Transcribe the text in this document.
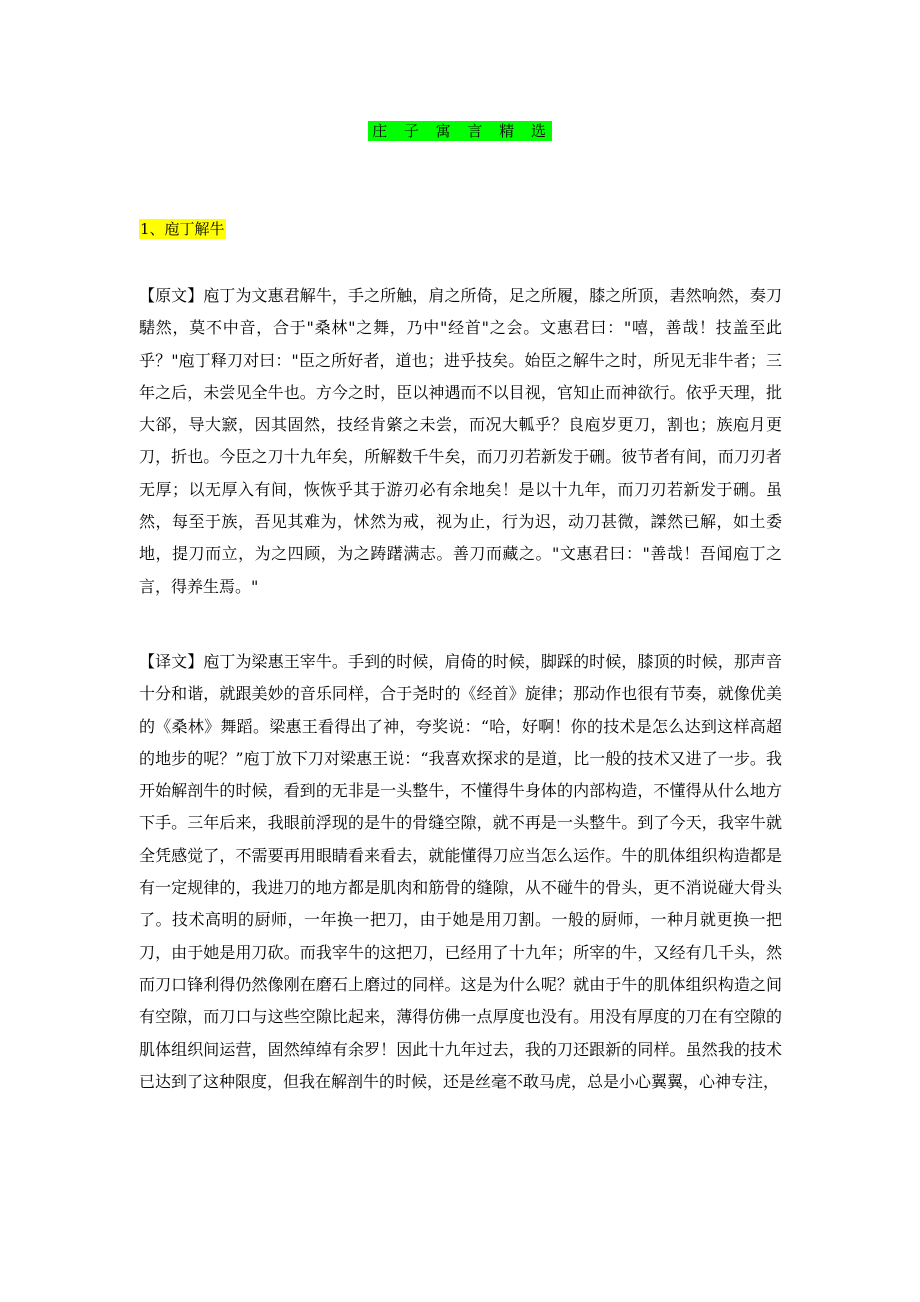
庄 子 寓 言 精 选
1、庖丁解牛

【原文】庖丁为文惠君解牛，手之所触，肩之所倚，足之所履，膝之所顶，砉然响然，奏刀騞然，莫不中音，合于"桑林"之舞，乃中"经首"之会。文惠君曰："嘻，善哉！技盖至此乎？"庖丁释刀对曰："臣之所好者，道也；进乎技矣。始臣之解牛之时，所见无非牛者；三年之后，未尝见全牛也。方今之时，臣以神遇而不以目视，官知止而神欲行。依乎天理，批大郤，导大窾，因其固然，技经肯綮之未尝，而况大軱乎？良庖岁更刀，割也；族庖月更刀，折也。今臣之刀十九年矣，所解数千牛矣，而刀刃若新发于硎。彼节者有间，而刀刃者无厚；以无厚入有间，恢恢乎其于游刃必有余地矣！是以十九年，而刀刃若新发于硎。虽然，每至于族，吾见其难为，怵然为戒，视为止，行为迟，动刀甚微，謋然已解，如土委地，提刀而立，为之四顾，为之踌躇满志。善刀而藏之。"文惠君曰："善哉！吾闻庖丁之言，得养生焉。"

【译文】庖丁为梁惠王宰牛。手到的时候，肩倚的时候，脚踩的时候，膝顶的时候，那声音十分和谐，就跟美妙的音乐同样，合于尧时的《经首》旋律；那动作也很有节奏，就像优美的《桑林》舞蹈。梁惠王看得出了神，夸奖说：“哈，好啊！你的技术是怎么达到这样高超的地步的呢？”庖丁放下刀对梁惠王说：“我喜欢探求的是道，比一般的技术又进了一步。我开始解剖牛的时候，看到的无非是一头整牛，不懂得牛身体的内部构造，不懂得从什么地方下手。三年后来，我眼前浮现的是牛的骨缝空隙，就不再是一头整牛。到了今天，我宰牛就全凭感觉了，不需要再用眼睛看来看去，就能懂得刀应当怎么运作。牛的肌体组织构造都是有一定规律的，我进刀的地方都是肌肉和筋骨的缝隙，从不碰牛的骨头，更不消说碰大骨头了。技术高明的厨师，一年换一把刀，由于她是用刀割。一般的厨师，一种月就更换一把刀，由于她是用刀砍。而我宰牛的这把刀，已经用了十九年；所宰的牛，又经有几千头，然而刀口锋利得仍然像刚在磨石上磨过的同样。这是为什么呢？就由于牛的肌体组织构造之间有空隙，而刀口与这些空隙比起来，薄得仿佛一点厚度也没有。用没有厚度的刀在有空隙的肌体组织间运营，固然绰绰有余罗！因此十九年过去，我的刀还跟新的同样。虽然我的技术已达到了这种限度，但我在解剖牛的时候，还是丝毫不敢马虎，总是小心翼翼，心神专注，
